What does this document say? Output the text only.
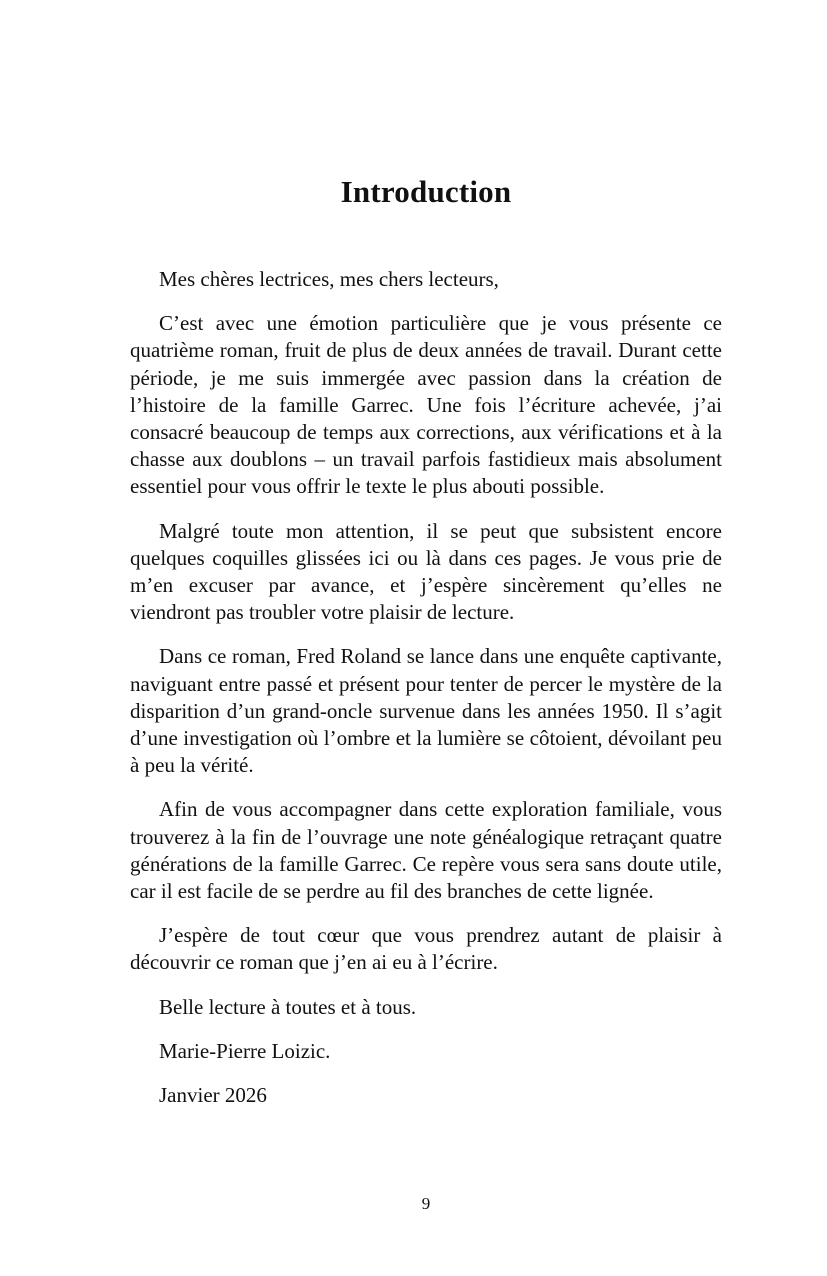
Introduction

Mes chères lectrices, mes chers lecteurs,

C’est avec une émotion particulière que je vous présente ce quatrième roman, fruit de plus de deux années de travail. Durant cette période, je me suis immergée avec passion dans la création de l’histoire de la famille Garrec. Une fois l’écriture achevée, j’ai consacré beaucoup de temps aux corrections, aux vérifications et à la chasse aux doublons – un travail parfois fastidieux mais absolument essentiel pour vous offrir le texte le plus abouti possible.

Malgré toute mon attention, il se peut que subsistent encore quelques coquilles glissées ici ou là dans ces pages. Je vous prie de m’en excuser par avance, et j’espère sincèrement qu’elles ne viendront pas troubler votre plaisir de lecture.

Dans ce roman, Fred Roland se lance dans une enquête captivante, naviguant entre passé et présent pour tenter de percer le mystère de la disparition d’un grand-oncle survenue dans les années 1950. Il s’agit d’une investigation où l’ombre et la lumière se côtoient, dévoilant peu à peu la vérité.

Afin de vous accompagner dans cette exploration familiale, vous trouverez à la fin de l’ouvrage une note généalogique retraçant quatre générations de la famille Garrec. Ce repère vous sera sans doute utile, car il est facile de se perdre au fil des branches de cette lignée.

J’espère de tout cœur que vous prendrez autant de plaisir à découvrir ce roman que j’en ai eu à l’écrire.

Belle lecture à toutes et à tous.

Marie-Pierre Loizic.

Janvier 2026

9
